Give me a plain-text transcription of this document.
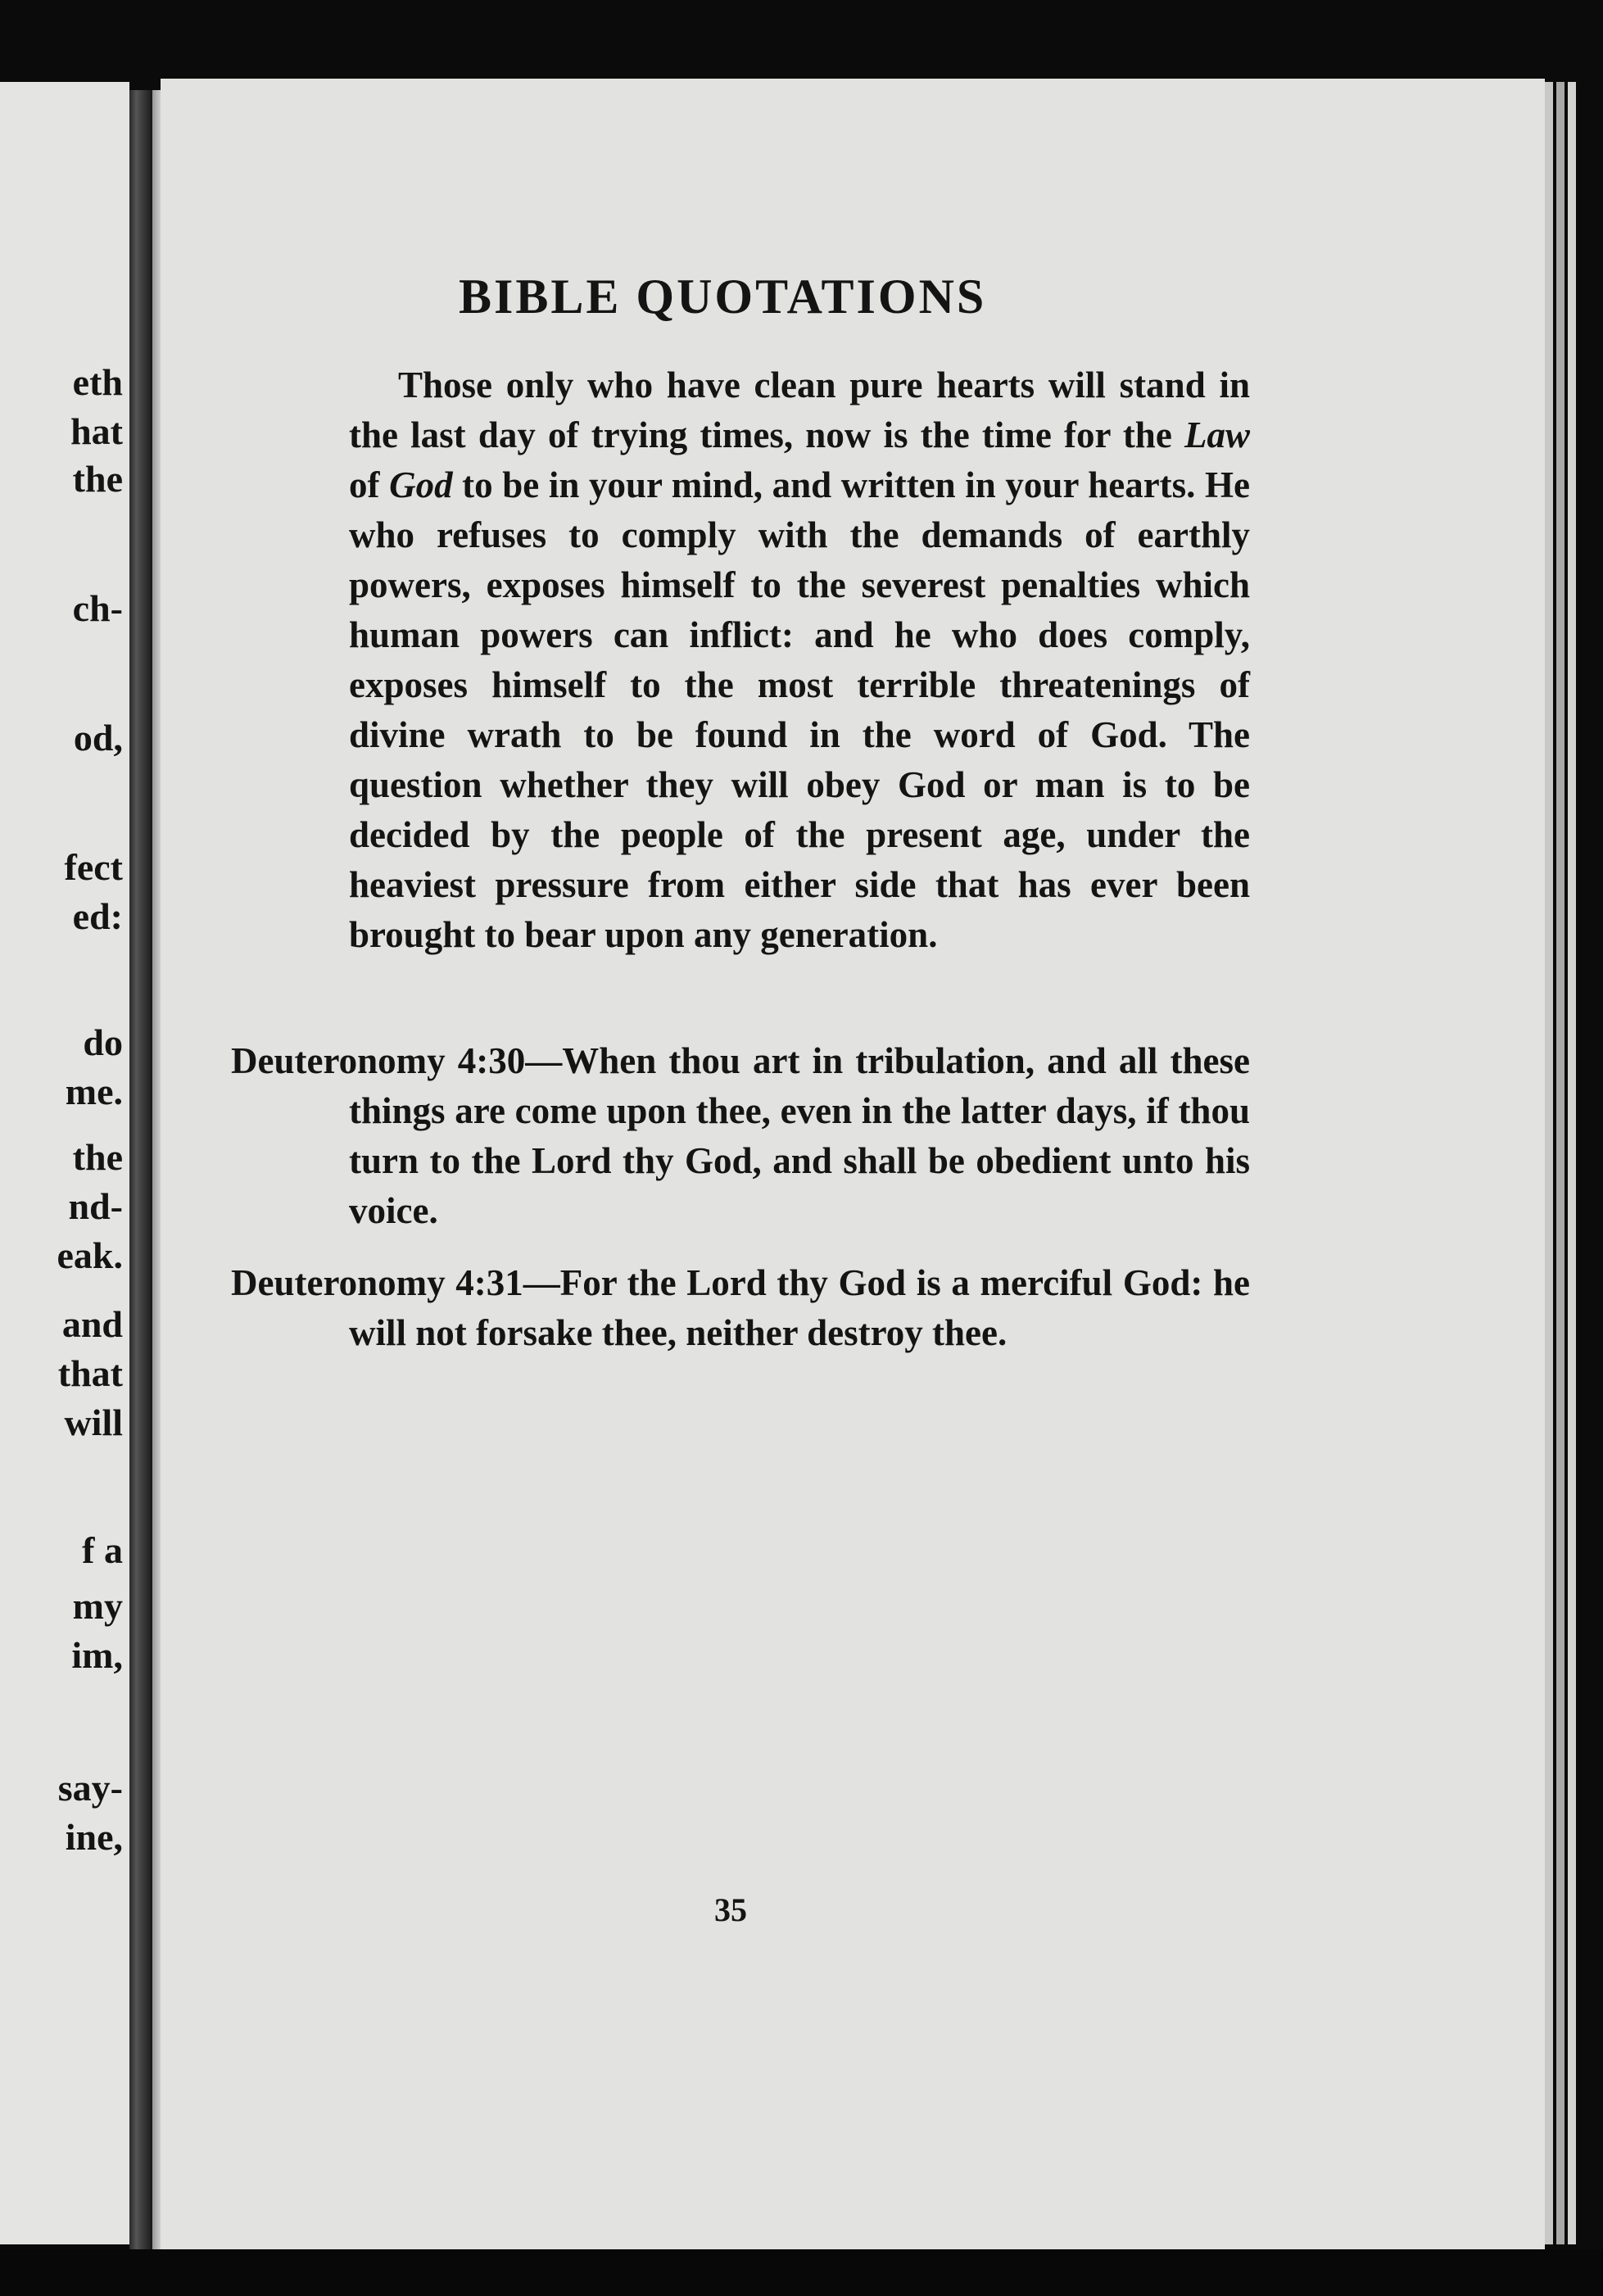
eth
hat
the
ch-
od,
fect
ed:
do
me.
the
nd-
eak.
and
that
will
f a
my
im,
say-
ine,
BIBLE QUOTATIONS
Those only who have clean pure hearts will stand in the last day of trying times, now is the time for the Law of God to be in your mind, and written in your hearts. He who refuses to comply with the demands of earthly powers, exposes himself to the severest penalties which human powers can inflict: and he who does comply, exposes himself to the most terrible threatenings of divine wrath to be found in the word of God. The question whether they will obey God or man is to be decided by the people of the present age, under the heaviest pressure from either side that has ever been brought to bear upon any generation.
Deuteronomy 4:30—When thou art in tribulation, and all these things are come upon thee, even in the latter days, if thou turn to the Lord thy God, and shall be obedient unto his voice.
Deuteronomy 4:31—For the Lord thy God is a merciful God: he will not forsake thee, neither destroy thee.
35
